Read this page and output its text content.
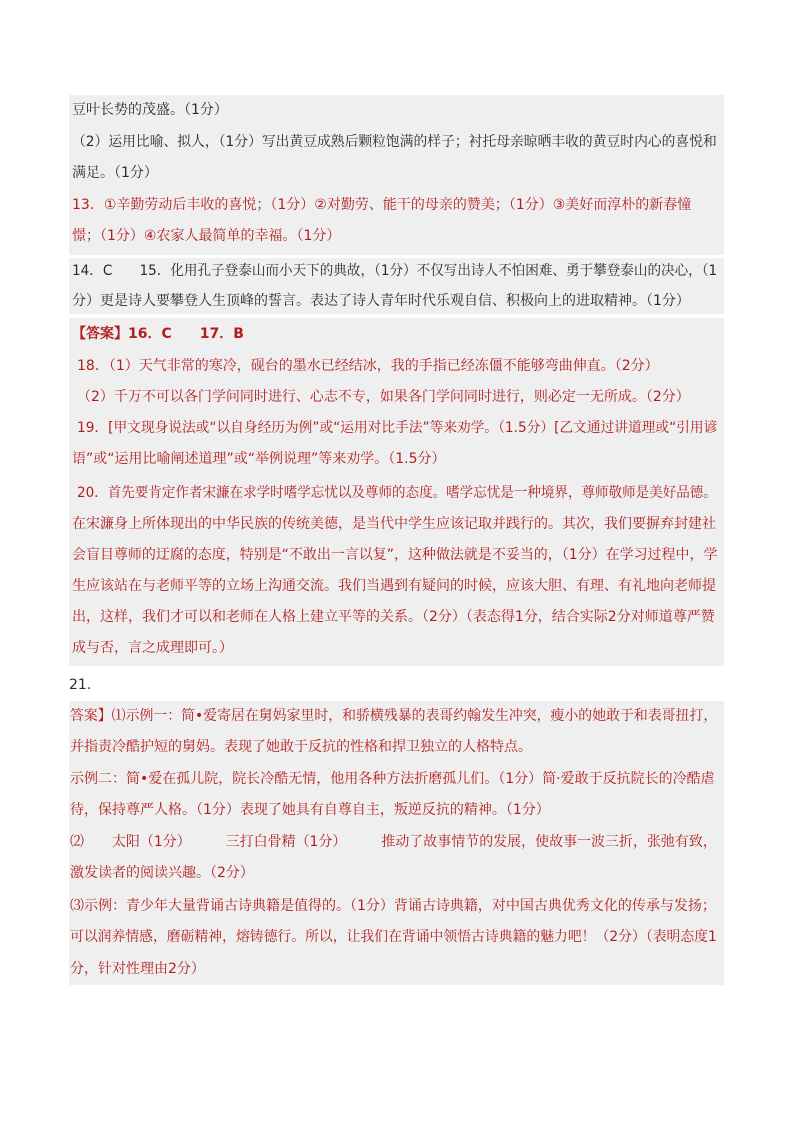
豆叶长势的茂盛。（1分）
（2）运用比喻、拟人，（1分）写出黄豆成熟后颗粒饱满的样子；衬托母亲晾晒丰收的黄豆时内心的喜悦和
满足。（1分）
13．①辛勤劳动后丰收的喜悦；（1分）②对勤劳、能干的母亲的赞美；（1分）③美好而淳朴的新春憧
憬；（1分）④农家人最简单的幸福。（1分）
14．C　　15．化用孔子登泰山而小天下的典故，（1分）不仅写出诗人不怕困难、勇于攀登泰山的决心，（1
分）更是诗人要攀登人生顶峰的誓言。表达了诗人青年时代乐观自信、积极向上的进取精神。（1分）
【答案】16．C　　17．B
18．（1）天气非常的寒冷，砚台的墨水已经结冰，我的手指已经冻僵不能够弯曲伸直。（2分）
（2）千万不可以各门学问同时进行、心志不专，如果各门学问同时进行，则必定一无所成。（2分）
19．[甲文现身说法或“以自身经历为例”或“运用对比手法”等来劝学。（1.5分）[乙文通过讲道理或“引用谚
语”或“运用比喻阐述道理”或“举例说理”等来劝学。（1.5分）
20．首先要肯定作者宋濂在求学时嗜学忘忧以及尊师的态度。嗜学忘忧是一种境界，尊师敬师是美好品德。
在宋濂身上所体现出的中华民族的传统美德，是当代中学生应该记取并践行的。其次，我们要摒弃封建社
会盲目尊师的迂腐的态度，特别是“不敢出一言以复”，这种做法就是不妥当的，（1分）在学习过程中，学
生应该站在与老师平等的立场上沟通交流。我们当遇到有疑问的时候，应该大胆、有理、有礼地向老师提
出，这样，我们才可以和老师在人格上建立平等的关系。（2分）（表态得1分，结合实际2分对师道尊严赞
成与否，言之成理即可。）
21.
答案】⑴示例一：简•爱寄居在舅妈家里时，和骄横残暴的表哥约翰发生冲突，瘦小的她敢于和表哥扭打，
并指责冷酷护短的舅妈。表现了她敢于反抗的性格和捍卫独立的人格特点。
示例二：简•爱在孤儿院，院长冷酷无情，他用各种方法折磨孤儿们。（1分）简·爱敢于反抗院长的冷酷虐
待，保持尊严人格。（1分）表现了她具有自尊自主，叛逆反抗的精神。（1分）
⑵　　太阳（1分）　　　三打白骨精（1分）　　　推动了故事情节的发展，使故事一波三折，张弛有致，
激发读者的阅读兴趣。（2分）
⑶示例：青少年大量背诵古诗典籍是值得的。（1分）背诵古诗典籍，对中国古典优秀文化的传承与发扬；
可以润养情感，磨砺精神，熔铸德行。所以，让我们在背诵中领悟古诗典籍的魅力吧！（2分）（表明态度1
分，针对性理由2分）
